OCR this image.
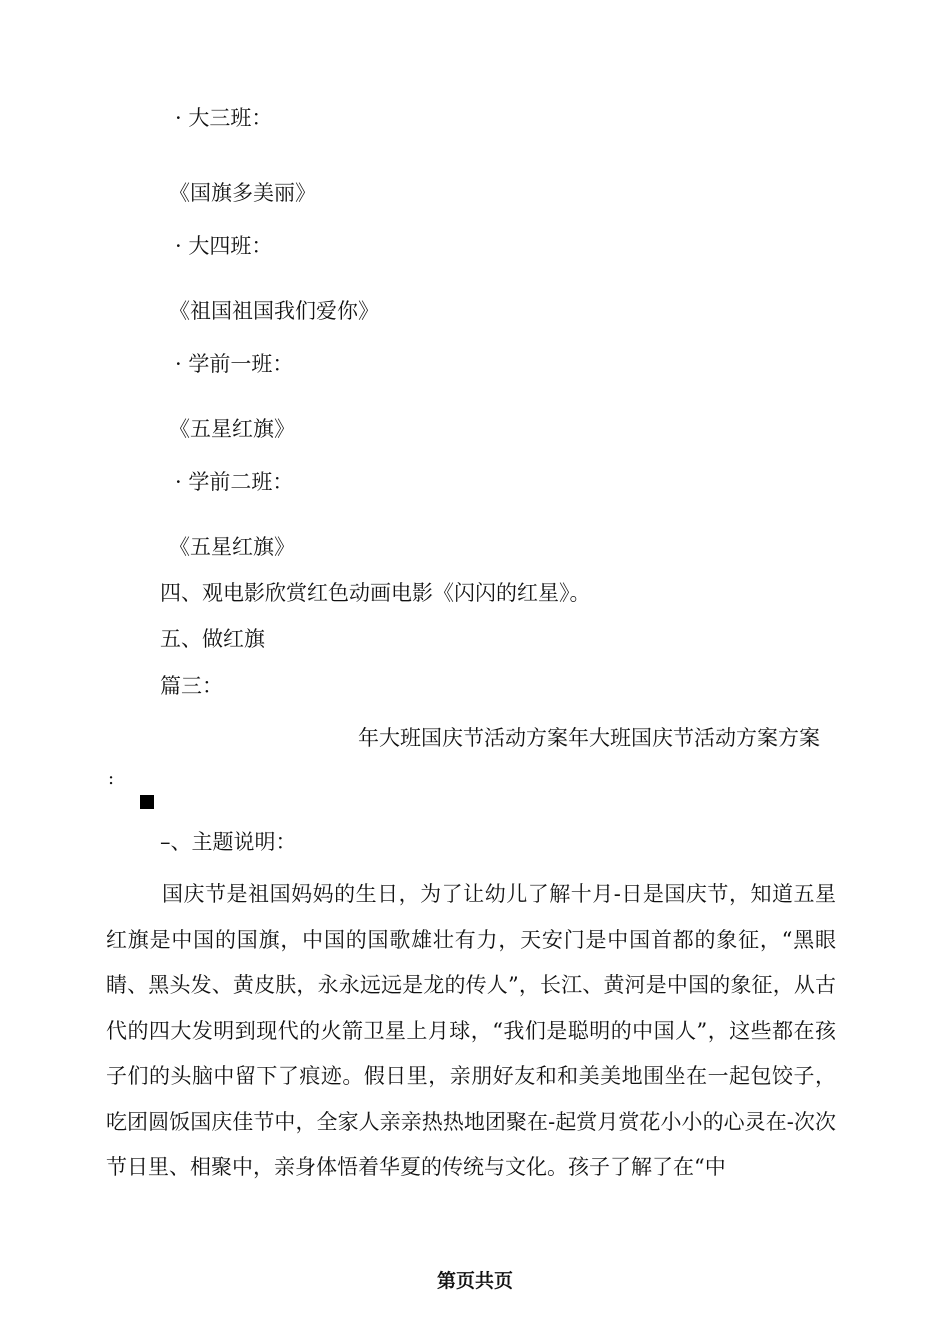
· 大三班：
《国旗多美丽》
· 大四班：
《祖国祖国我们爱你》
· 学前一班：
《五星红旗》
· 学前二班：
《五星红旗》
四、观电影欣赏红色动画电影《闪闪的红星》。
五、做红旗
篇三：
年大班国庆节活动方案年大班国庆节活动方案方案
:
–、主题说明：
国庆节是祖国妈妈的生日，为了让幼儿了解十月-日是国庆节，知道五星红旗是中国的国旗，中国的国歌雄壮有力，天安门是中国首都的象征，“黑眼睛、黑头发、黄皮肤，永永远远是龙的传人”，长江、黄河是中国的象征，从古代的四大发明到现代的火箭卫星上月球，“我们是聪明的中国人”，这些都在孩子们的头脑中留下了痕迹。假日里，亲朋好友和和美美地围坐在一起包饺子，吃团圆饭国庆佳节中，全家人亲亲热热地团聚在-起赏月赏花小小的心灵在-次次节日里、相聚中，亲身体悟着华夏的传统与文化。孩子了解了在“中
第页共页
